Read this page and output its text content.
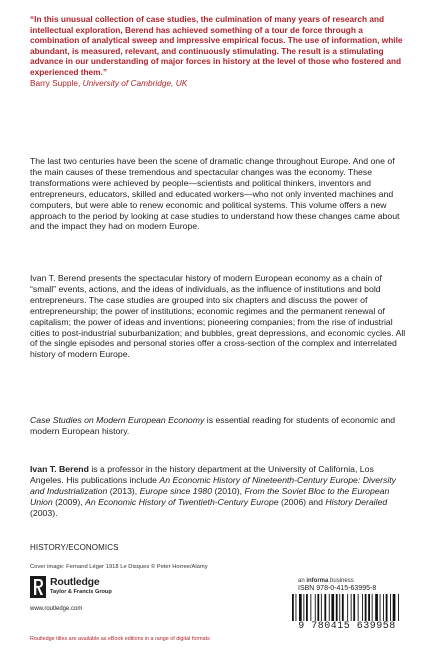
“In this unusual collection of case studies, the culmination of many years of research and intellectual exploration, Berend has achieved something of a tour de force through a combination of analytical sweep and impressive empirical focus. The use of information, while abundant, is measured, relevant, and continuously stimulating. The result is a stimulating advance in our understanding of major forces in history at the level of those who fostered and experienced them.”

Barry Supple, University of Cambridge, UK

The last two centuries have been the scene of dramatic change throughout Europe. And one of the main causes of these tremendous and spectacular changes was the economy. These transformations were achieved by people—scientists and political thinkers, inventors and entrepreneurs, educators, skilled and educated workers—who not only invented machines and computers, but were able to renew economic and political systems. This volume offers a new approach to the period by looking at case studies to understand how these changes came about and the impact they had on modern Europe.

Ivan T. Berend presents the spectacular history of modern European economy as a chain of “small” events, actions, and the ideas of individuals, as the influence of institutions and bold entrepreneurs. The case studies are grouped into six chapters and discuss the power of entrepreneurship; the power of institutions; economic regimes and the permanent renewal of capitalism; the power of ideas and inventions; pioneering companies; from the rise of industrial cities to post-industrial suburbanization; and bubbles, great depressions, and economic cycles. All of the single episodes and personal stories offer a cross-section of the complex and interrelated history of modern Europe.

Case Studies on Modern European Economy is essential reading for students of economic and modern European history.

Ivan T. Berend is a professor in the history department at the University of California, Los Angeles. His publications include An Economic History of Nineteenth-Century Europe: Diversity and Industrialization (2013), Europe since 1980 (2010), From the Soviet Bloc to the European Union (2009), An Economic History of Twentieth-Century Europe (2006) and History Derailed (2003).

HISTORY/ECONOMICS
Cover image: Fernand Léger 1918 Le Disques © Peter Horree/Alamy
Routledge
Taylor & Francis Group
www.routledge.com
an informa business
ISBN 978-0-415-63995-8
9 780415 639958
Routledge titles are available as eBook editions in a range of digital formats
